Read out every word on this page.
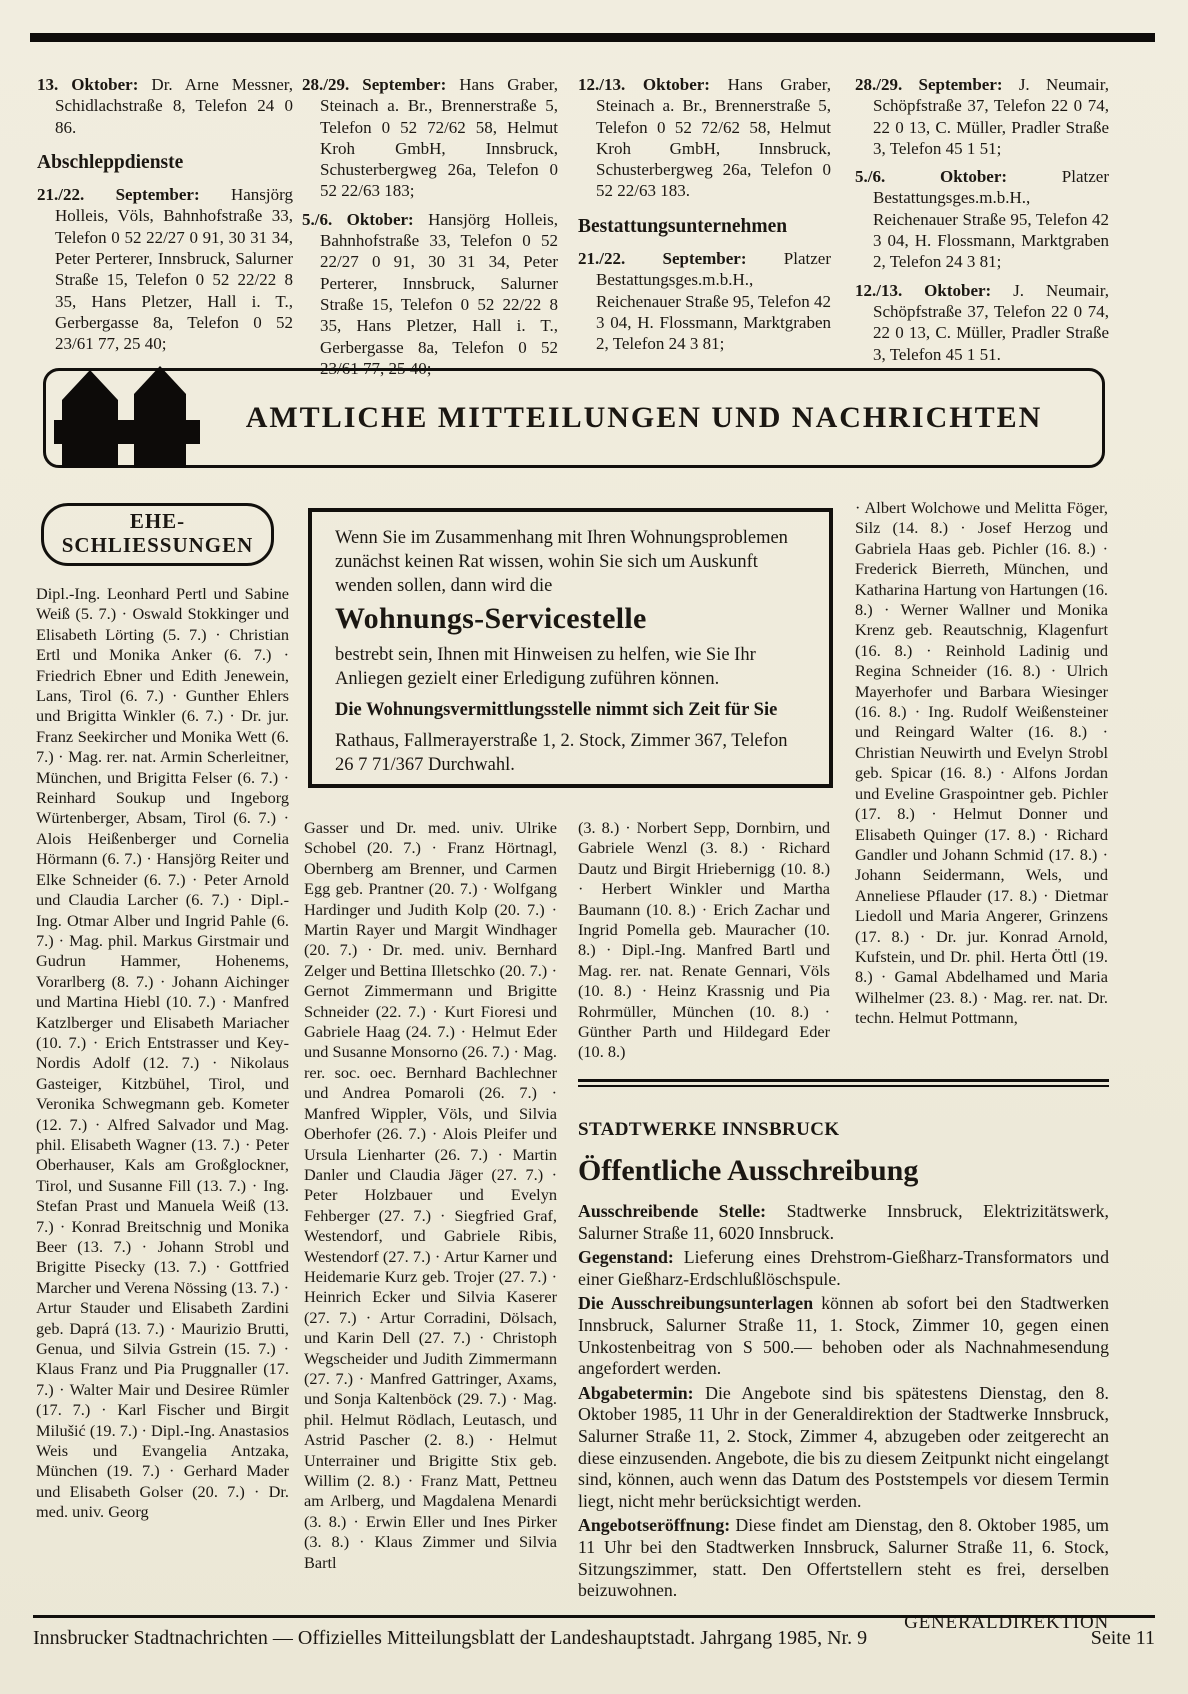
13. Oktober: Dr. Arne Messner, Schidlachstraße 8, Telefon 24 0 86.

Abschleppdienste

21./22. September: Hansjörg Holleis, Völs, Bahnhofstraße 33, Telefon 0 52 22/27 0 91, 30 31 34, Peter Perterer, Innsbruck, Salurner Straße 15, Telefon 0 52 22/22 8 35, Hans Pletzer, Hall i. T., Gerbergasse 8a, Telefon 0 52 23/61 77, 25 40;

28./29. September: Hans Graber, Steinach a. Br., Brennerstraße 5, Telefon 0 52 72/62 58, Helmut Kroh GmbH, Innsbruck, Schusterbergweg 26a, Telefon 0 52 22/63 183;

5./6. Oktober: Hansjörg Holleis, Bahnhofstraße 33, Telefon 0 52 22/27 0 91, 30 31 34, Peter Perterer, Innsbruck, Salurner Straße 15, Telefon 0 52 22/22 8 35, Hans Pletzer, Hall i. T., Gerbergasse 8a, Telefon 0 52 23/61 77, 25 40;

12./13. Oktober: Hans Graber, Steinach a. Br., Brennerstraße 5, Telefon 0 52 72/62 58, Helmut Kroh GmbH, Innsbruck, Schusterbergweg 26a, Telefon 0 52 22/63 183.

Bestattungsunternehmen

21./22. September: Platzer Bestattungsges.m.b.H., Reichenauer Straße 95, Telefon 42 3 04, H. Flossmann, Marktgraben 2, Telefon 24 3 81;

28./29. September: J. Neumair, Schöpfstraße 37, Telefon 22 0 74, 22 0 13, C. Müller, Pradler Straße 3, Telefon 45 1 51;

5./6. Oktober:	Platzer Bestattungsges.m.b.H., Reichenauer Straße 95, Telefon 42 3 04, H. Flossmann, Marktgraben 2, Telefon 24 3 81;

12./13. Oktober: J. Neumair, Schöpfstraße 37, Telefon 22 0 74, 22 0 13, C. Müller, Pradler Straße 3, Telefon 45 1 51.

AMTLICHE MITTEILUNGEN UND NACHRICHTEN
EHE-
SCHLIESSUNGEN
Dipl.-Ing. Leonhard Pertl und Sabine Weiß (5. 7.) · Oswald Stokkinger und Elisabeth Lörting (5. 7.) · Christian Ertl und Monika Anker (6. 7.) · Friedrich Ebner und Edith Jenewein, Lans, Tirol (6. 7.) · Gunther Ehlers und Brigitta Winkler (6. 7.) · Dr. jur. Franz Seekircher und Monika Wett (6. 7.) · Mag. rer. nat. Armin Scherleitner, München, und Brigitta Felser (6. 7.) · Reinhard Soukup und Ingeborg Würtenberger, Absam, Tirol (6. 7.) · Alois Heißenberger und Cornelia Hörmann (6. 7.) · Hansjörg Reiter und Elke Schneider (6. 7.) · Peter Arnold und Claudia Larcher (6. 7.) · Dipl.-Ing. Otmar Alber und Ingrid Pahle (6. 7.) · Mag. phil. Markus Girstmair und Gudrun Hammer, Hohenems, Vorarlberg (8. 7.) · Johann Aichinger und Martina Hiebl (10. 7.) · Manfred Katzlberger und Elisabeth Mariacher (10. 7.) · Erich Entstrasser und Key-Nordis Adolf (12. 7.) · Nikolaus Gasteiger, Kitzbühel, Tirol, und Veronika Schwegmann geb. Kometer (12. 7.) · Alfred Salvador und Mag. phil. Elisabeth Wagner (13. 7.) · Peter Oberhauser, Kals am Großglockner, Tirol, und Susanne Fill (13. 7.) · Ing. Stefan Prast und Manuela Weiß (13. 7.) · Konrad Breitschnig und Monika Beer (13. 7.) · Johann Strobl und Brigitte Pisecky (13. 7.) · Gottfried Marcher und Verena Nössing (13. 7.) · Artur Stauder und Elisabeth Zardini geb. Daprá (13. 7.) · Maurizio Brutti, Genua, und Silvia Gstrein (15. 7.) · Klaus Franz und Pia Pruggnaller (17. 7.) · Walter Mair und Desiree Rümler (17. 7.) · Karl Fischer und Birgit Milušić (19. 7.) · Dipl.-Ing. Anastasios Weis und Evangelia Antzaka, München (19. 7.) · Gerhard Mader und Elisabeth Golser (20. 7.) · Dr. med. univ. Georg
Gasser und Dr. med. univ. Ulrike Schobel (20. 7.) · Franz Hörtnagl, Obernberg am Brenner, und Carmen Egg geb. Prantner (20. 7.) · Wolfgang Hardinger und Judith Kolp (20. 7.) · Martin Rayer und Margit Windhager (20. 7.) · Dr. med. univ. Bernhard Zelger und Bettina Illetschko (20. 7.) · Gernot Zimmermann und Brigitte Schneider (22. 7.) · Kurt Fioresi und Gabriele Haag (24. 7.) · Helmut Eder und Susanne Monsorno (26. 7.) · Mag. rer. soc. oec. Bernhard Bachlechner und Andrea Pomaroli (26. 7.) · Manfred Wippler, Völs, und Silvia Oberhofer (26. 7.) · Alois Pleifer und Ursula Lienharter (26. 7.) · Martin Danler und Claudia Jäger (27. 7.) · Peter Holzbauer und Evelyn Fehberger (27. 7.) · Siegfried Graf, Westendorf, und Gabriele Ribis, Westendorf (27. 7.) · Artur Karner und Heidemarie Kurz geb. Trojer (27. 7.) · Heinrich Ecker und Silvia Kaserer (27. 7.) · Artur Corradini, Dölsach, und Karin Dell (27. 7.) · Christoph Wegscheider und Judith Zimmermann (27. 7.) · Manfred Gattringer, Axams, und Sonja Kaltenböck (29. 7.) · Mag. phil. Helmut Rödlach, Leutasch, und Astrid Pascher (2. 8.) · Helmut Unterrainer und Brigitte Stix geb. Willim (2. 8.) · Franz Matt, Pettneu am Arlberg, und Magdalena Menardi (3. 8.) · Erwin Eller und Ines Pirker (3. 8.) · Klaus Zimmer und Silvia Bartl
(3. 8.) · Norbert Sepp, Dornbirn, und Gabriele Wenzl (3. 8.) · Richard Dautz und Birgit Hriebernigg (10. 8.) · Herbert Winkler und Martha Baumann (10. 8.) · Erich Zachar und Ingrid Pomella geb. Mauracher (10. 8.) · Dipl.-Ing. Manfred Bartl und Mag. rer. nat. Renate Gennari, Völs (10. 8.) · Heinz Krassnig und Pia Rohrmüller, München (10. 8.) · Günther Parth und Hildegard Eder (10. 8.)
· Albert Wolchowe und Melitta Föger, Silz (14. 8.) · Josef Herzog und Gabriela Haas geb. Pichler (16. 8.) · Frederick Bierreth, München, und Katharina Hartung von Hartungen (16. 8.) · Werner Wallner und Monika Krenz geb. Reautschnig, Klagenfurt (16. 8.) · Reinhold Ladinig und Regina Schneider (16. 8.) · Ulrich Mayerhofer und Barbara Wiesinger (16. 8.) · Ing. Rudolf Weißensteiner und Reingard Walter (16. 8.) · Christian Neuwirth und Evelyn Strobl geb. Spicar (16. 8.) · Alfons Jordan und Eveline Graspointner geb. Pichler (17. 8.) · Helmut Donner und Elisabeth Quinger (17. 8.) · Richard Gandler und Johann Schmid (17. 8.) · Johann Seidermann, Wels, und Anneliese Pflauder (17. 8.) · Dietmar Liedoll und Maria Angerer, Grinzens (17. 8.) · Dr. jur. Konrad Arnold, Kufstein, und Dr. phil. Herta Öttl (19. 8.) · Gamal Abdelhamed und Maria Wilhelmer (23. 8.) · Mag. rer. nat. Dr. techn. Helmut Pottmann,

Wenn Sie im Zusammenhang mit Ihren Wohnungsproblemen zunächst keinen Rat wissen, wohin Sie sich um Auskunft wenden sollen, dann wird die

Wohnungs-Servicestelle

bestrebt sein, Ihnen mit Hinweisen zu helfen, wie Sie Ihr Anliegen gezielt einer Erledigung zuführen können.

Die Wohnungsvermittlungsstelle nimmt sich Zeit für Sie

Rathaus, Fallmerayerstraße 1, 2. Stock, Zimmer 367, Telefon 26 7 71/367 Durchwahl.

STADTWERKE INNSBRUCK
Öffentliche Ausschreibung

Ausschreibende Stelle: Stadtwerke Innsbruck, Elektrizitätswerk, Salurner Straße 11, 6020 Innsbruck.

Gegenstand: Lieferung eines Drehstrom-Gießharz-Transformators und einer Gießharz-Erdschlußlöschspule.

Die Ausschreibungsunterlagen können ab sofort bei den Stadtwerken Innsbruck, Salurner Straße 11, 1. Stock, Zimmer 10, gegen einen Unkostenbeitrag von S 500.— behoben oder als Nachnahmesendung angefordert werden.

Abgabetermin: Die Angebote sind bis spätestens Dienstag, den 8. Oktober 1985, 11 Uhr in der Generaldirektion der Stadtwerke Innsbruck, Salurner Straße 11, 2. Stock, Zimmer 4, abzugeben oder zeitgerecht an diese einzusenden. Angebote, die bis zu diesem Zeitpunkt nicht eingelangt sind, können, auch wenn das Datum des Poststempels vor diesem Termin liegt, nicht mehr berücksichtigt werden.

Angebotseröffnung: Diese findet am Dienstag, den 8. Oktober 1985, um 11 Uhr bei den Stadtwerken Innsbruck, Salurner Straße 11, 6. Stock, Sitzungszimmer, statt. Den Offertstellern steht es frei, derselben beizuwohnen.

GENERALDIREKTION

Innsbrucker Stadtnachrichten — Offizielles Mitteilungsblatt der Landeshauptstadt. Jahrgang 1985, Nr. 9	Seite 11
